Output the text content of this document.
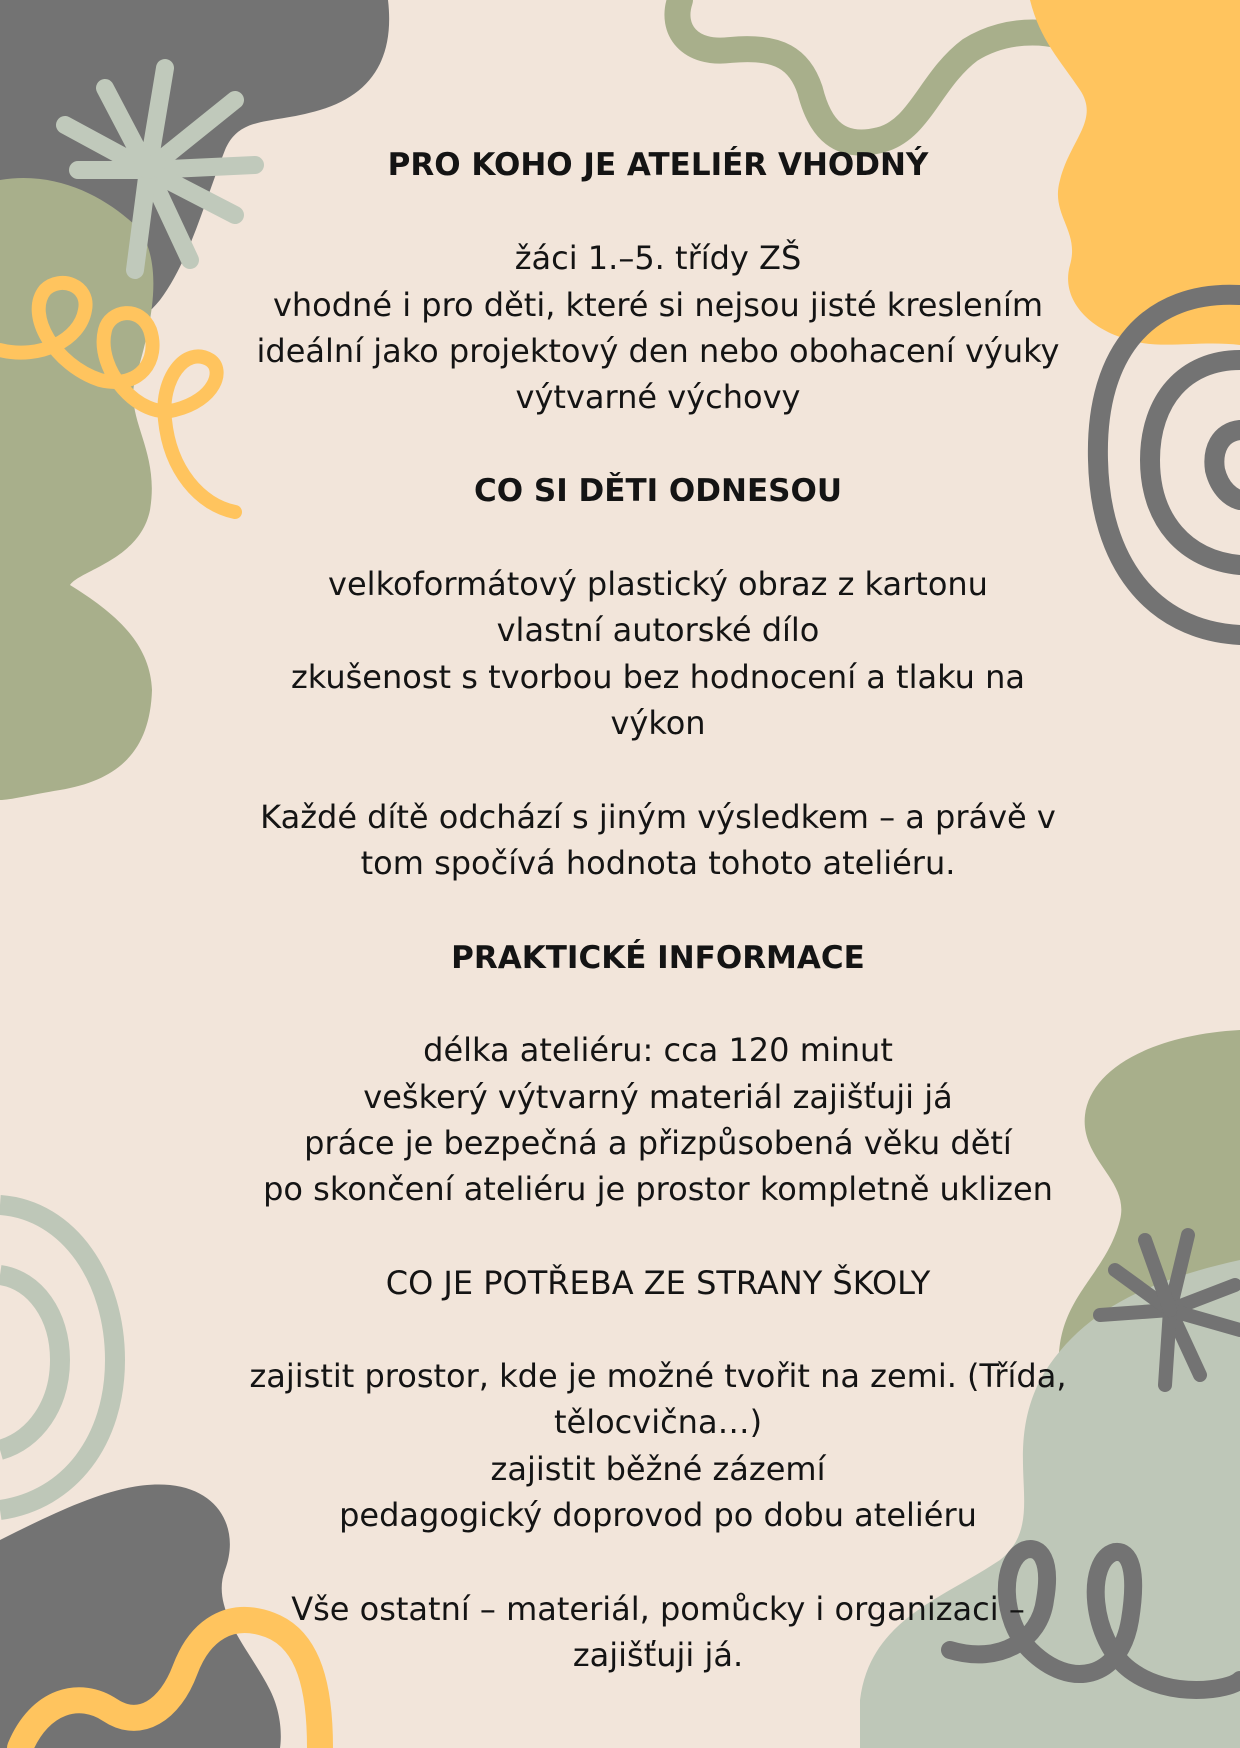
PRO KOHO JE ATELIÉR VHODNÝ
žáci 1.–5. třídy ZŠ
vhodné i pro děti, které si nejsou jisté kreslením
ideální jako projektový den nebo obohacení výuky
výtvarné výchovy
CO SI DĚTI ODNESOU
velkoformátový plastický obraz z kartonu
vlastní autorské dílo
zkušenost s tvorbou bez hodnocení a tlaku na
výkon
Každé dítě odchází s jiným výsledkem – a právě v
tom spočívá hodnota tohoto ateliéru.
PRAKTICKÉ INFORMACE
délka ateliéru: cca 120 minut
veškerý výtvarný materiál zajišťuji já
práce je bezpečná a přizpůsobená věku dětí
po skončení ateliéru je prostor kompletně uklizen
CO JE POTŘEBA ZE STRANY ŠKOLY
zajistit prostor, kde je možné tvořit na zemi. (Třída,
tělocvična…)
zajistit běžné zázemí
pedagogický doprovod po dobu ateliéru
Vše ostatní – materiál, pomůcky i organizaci –
zajišťuji já.
